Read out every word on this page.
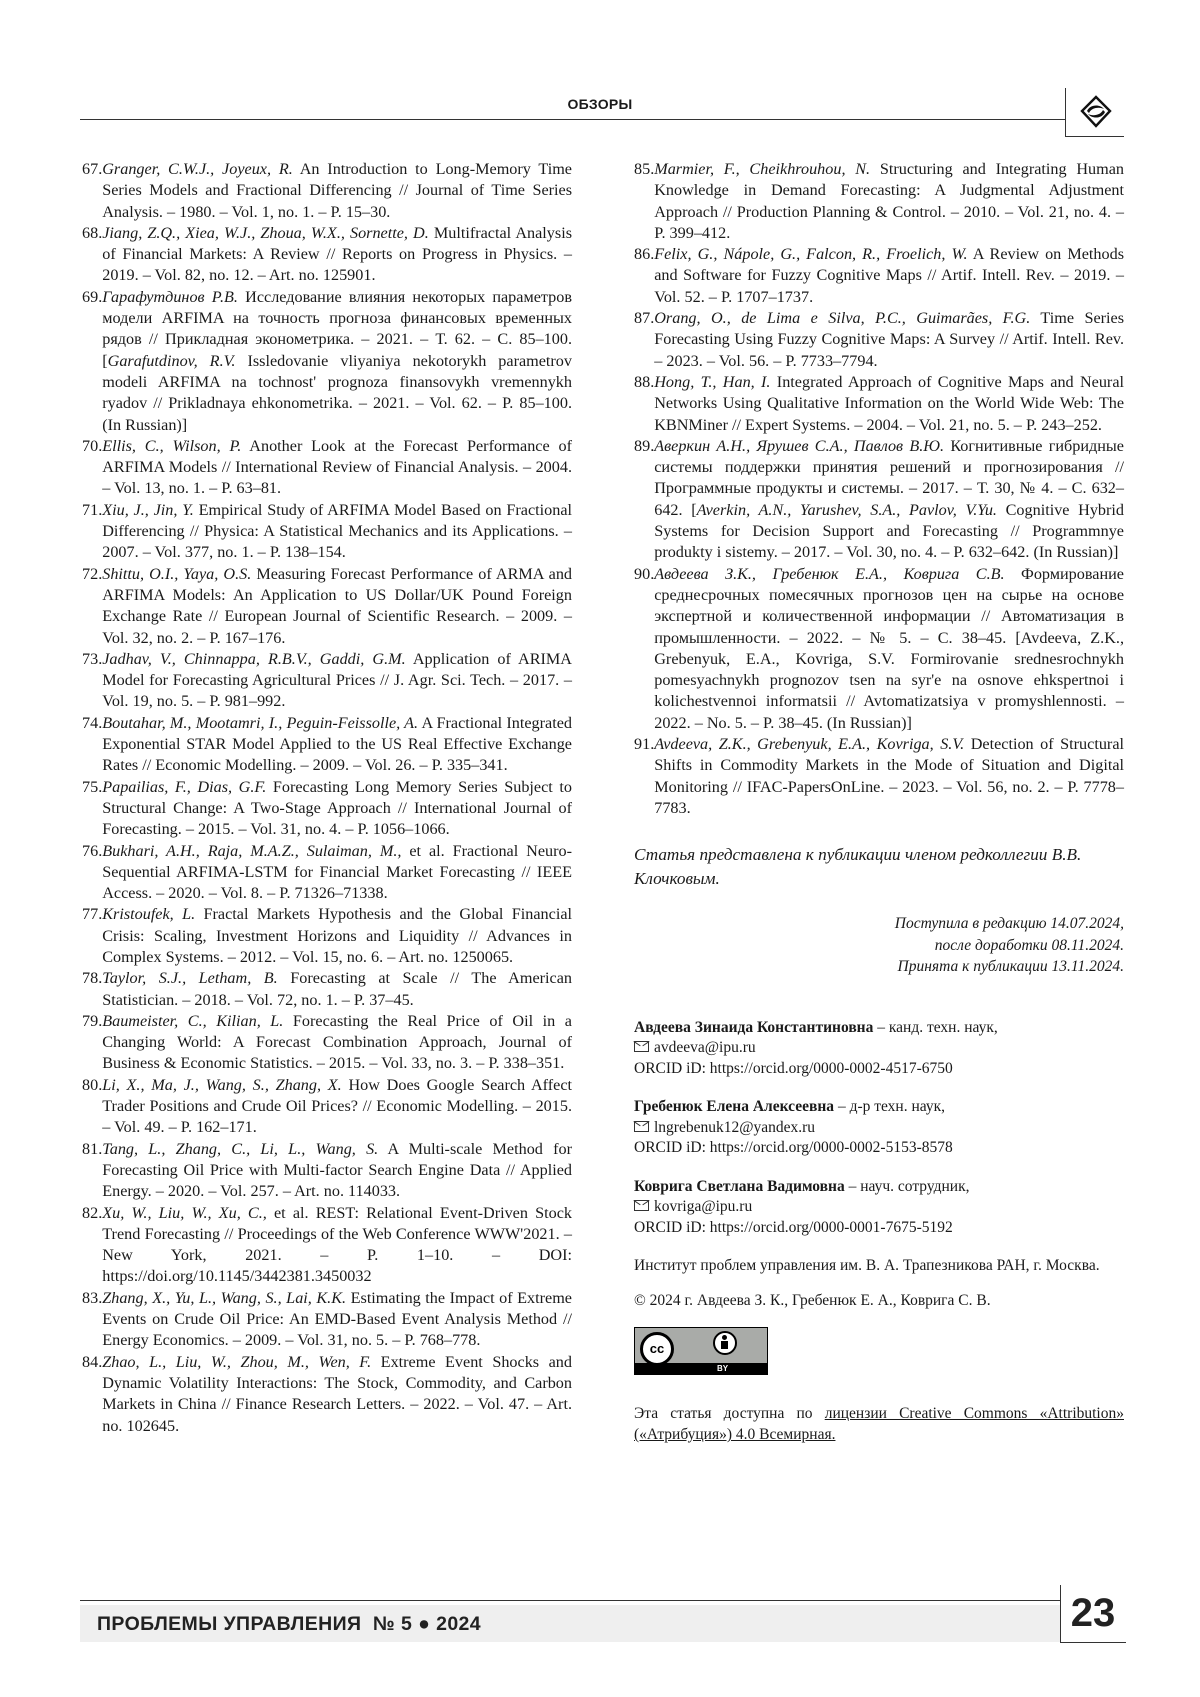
ОБЗОРЫ
67. Granger, C.W.J., Joyeux, R. An Introduction to Long-Memory Time Series Models and Fractional Differencing // Journal of Time Series Analysis. – 1980. – Vol. 1, no. 1. – P. 15–30.
68. Jiang, Z.Q., Xiea, W.J., Zhoua, W.X., Sornette, D. Multifractal Analysis of Financial Markets: A Review // Reports on Progress in Physics. – 2019. – Vol. 82, no. 12. – Art. no. 125901.
69. Гарафутдинов Р.В. Исследование влияния некоторых параметров модели ARFIMA на точность прогноза финансовых временных рядов // Прикладная эконометрика. – 2021. – Т. 62. – С. 85–100. [Garafutdinov, R.V. Issledovanie vliyaniya nekotorykh parametrov modeli ARFIMA na tochnost' prognoza finansovykh vremennykh ryadov // Prikladnaya ehkonometrika. – 2021. – Vol. 62. – P. 85–100. (In Russian)]
70. Ellis, C., Wilson, P. Another Look at the Forecast Performance of ARFIMA Models // International Review of Financial Analysis. – 2004. – Vol. 13, no. 1. – P. 63–81.
71. Xiu, J., Jin, Y. Empirical Study of ARFIMA Model Based on Fractional Differencing // Physica: A Statistical Mechanics and its Applications. – 2007. – Vol. 377, no. 1. – P. 138–154.
72. Shittu, O.I., Yaya, O.S. Measuring Forecast Performance of ARMA and ARFIMA Models: An Application to US Dollar/UK Pound Foreign Exchange Rate // European Journal of Scientific Research. – 2009. – Vol. 32, no. 2. – P. 167–176.
73. Jadhav, V., Chinnappa, R.B.V., Gaddi, G.M. Application of ARIMA Model for Forecasting Agricultural Prices // J. Agr. Sci. Tech. – 2017. – Vol. 19, no. 5. – P. 981–992.
74. Boutahar, M., Mootamri, I., Peguin-Feissolle, A. A Fractional Integrated Exponential STAR Model Applied to the US Real Effective Exchange Rates // Economic Modelling. – 2009. – Vol. 26. – P. 335–341.
75. Papailias, F., Dias, G.F. Forecasting Long Memory Series Subject to Structural Change: A Two-Stage Approach // International Journal of Forecasting. – 2015. – Vol. 31, no. 4. – P. 1056–1066.
76. Bukhari, A.H., Raja, M.A.Z., Sulaiman, M., et al. Fractional Neuro-Sequential ARFIMA-LSTM for Financial Market Forecasting // IEEE Access. – 2020. – Vol. 8. – P. 71326–71338.
77. Kristoufek, L. Fractal Markets Hypothesis and the Global Financial Crisis: Scaling, Investment Horizons and Liquidity // Advances in Complex Systems. – 2012. – Vol. 15, no. 6. – Art. no. 1250065.
78. Taylor, S.J., Letham, B. Forecasting at Scale // The American Statistician. – 2018. – Vol. 72, no. 1. – P. 37–45.
79. Baumeister, C., Kilian, L. Forecasting the Real Price of Oil in a Changing World: A Forecast Combination Approach, Journal of Business & Economic Statistics. – 2015. – Vol. 33, no. 3. – P. 338–351.
80. Li, X., Ma, J., Wang, S., Zhang, X. How Does Google Search Affect Trader Positions and Crude Oil Prices? // Economic Modelling. – 2015. – Vol. 49. – P. 162–171.
81. Tang, L., Zhang, C., Li, L., Wang, S. A Multi-scale Method for Forecasting Oil Price with Multi-factor Search Engine Data // Applied Energy. – 2020. – Vol. 257. – Art. no. 114033.
82. Xu, W., Liu, W., Xu, C., et al. REST: Relational Event-Driven Stock Trend Forecasting // Proceedings of the Web Conference WWW'2021. – New York, 2021. – P. 1–10. – DOI: https://doi.org/10.1145/3442381.3450032
83. Zhang, X., Yu, L., Wang, S., Lai, K.K. Estimating the Impact of Extreme Events on Crude Oil Price: An EMD-Based Event Analysis Method // Energy Economics. – 2009. – Vol. 31, no. 5. – P. 768–778.
84. Zhao, L., Liu, W., Zhou, M., Wen, F. Extreme Event Shocks and Dynamic Volatility Interactions: The Stock, Commodity, and Carbon Markets in China // Finance Research Letters. – 2022. – Vol. 47. – Art. no. 102645.
85. Marmier, F., Cheikhrouhou, N. Structuring and Integrating Human Knowledge in Demand Forecasting: A Judgmental Adjustment Approach // Production Planning & Control. – 2010. – Vol. 21, no. 4. – P. 399–412.
86. Felix, G., Nápole, G., Falcon, R., Froelich, W. A Review on Methods and Software for Fuzzy Cognitive Maps // Artif. Intell. Rev. – 2019. – Vol. 52. – P. 1707–1737.
87. Orang, O., de Lima e Silva, P.C., Guimarães, F.G. Time Series Forecasting Using Fuzzy Cognitive Maps: A Survey // Artif. Intell. Rev. – 2023. – Vol. 56. – P. 7733–7794.
88. Hong, T., Han, I. Integrated Approach of Cognitive Maps and Neural Networks Using Qualitative Information on the World Wide Web: The KBNMiner // Expert Systems. – 2004. – Vol. 21, no. 5. – P. 243–252.
89. Аверкин А.Н., Ярушев С.А., Павлов В.Ю. Когнитивные гибридные системы поддержки принятия решений и прогнозирования // Программные продукты и системы. – 2017. – Т. 30, № 4. – С. 632–642. [Averkin, A.N., Yarushev, S.A., Pavlov, V.Yu. Cognitive Hybrid Systems for Decision Support and Forecasting // Programmnye produkty i sistemy. – 2017. – Vol. 30, no. 4. – P. 632–642. (In Russian)]
90. Авдеева З.К., Гребенюк Е.А., Коврига С.В. Формирование среднесрочных помесячных прогнозов цен на сырье на основе экспертной и количественной информации // Автоматизация в промышленности. – 2022. – № 5. – С. 38–45. [Avdeeva, Z.K., Grebenyuk, E.A., Kovriga, S.V. Formirovanie srednesrochnykh pomesyachnykh prognozov tsen na syr'e na osnove ehkspertnoi i kolichestvennoi informatsii // Avtomatizatsiya v promyshlennosti. – 2022. – No. 5. – P. 38–45. (In Russian)]
91. Avdeeva, Z.K., Grebenyuk, E.A., Kovriga, S.V. Detection of Structural Shifts in Commodity Markets in the Mode of Situation and Digital Monitoring // IFAC-PapersOnLine. – 2023. – Vol. 56, no. 2. – P. 7778–7783.
Статья представлена к публикации членом редколлегии В.В. Клочковым.
Поступила в редакцию 14.07.2024,
после доработки 08.11.2024.
Принята к публикации 13.11.2024.
Авдеева Зинаида Константиновна – канд. техн. наук,
avdeeva@ipu.ru
ORCID iD: https://orcid.org/0000-0002-4517-6750
Гребенюк Елена Алексеевна – д-р техн. наук,
lngrebenuk12@yandex.ru
ORCID iD: https://orcid.org/0000-0002-5153-8578
Коврига Светлана Вадимовна – науч. сотрудник,
kovriga@ipu.ru
ORCID iD: https://orcid.org/0000-0001-7675-5192
Институт проблем управления им. В. А. Трапезникова РАН, г. Москва.
© 2024 г. Авдеева З. К., Гребенюк Е. А., Коврига С. В.
cc
BY
Эта статья доступна по лицензии Creative Commons «Attribution» («Атрибуция») 4.0 Всемирная.
ПРОБЛЕМЫ УПРАВЛЕНИЯ  № 5 ● 2024	23
